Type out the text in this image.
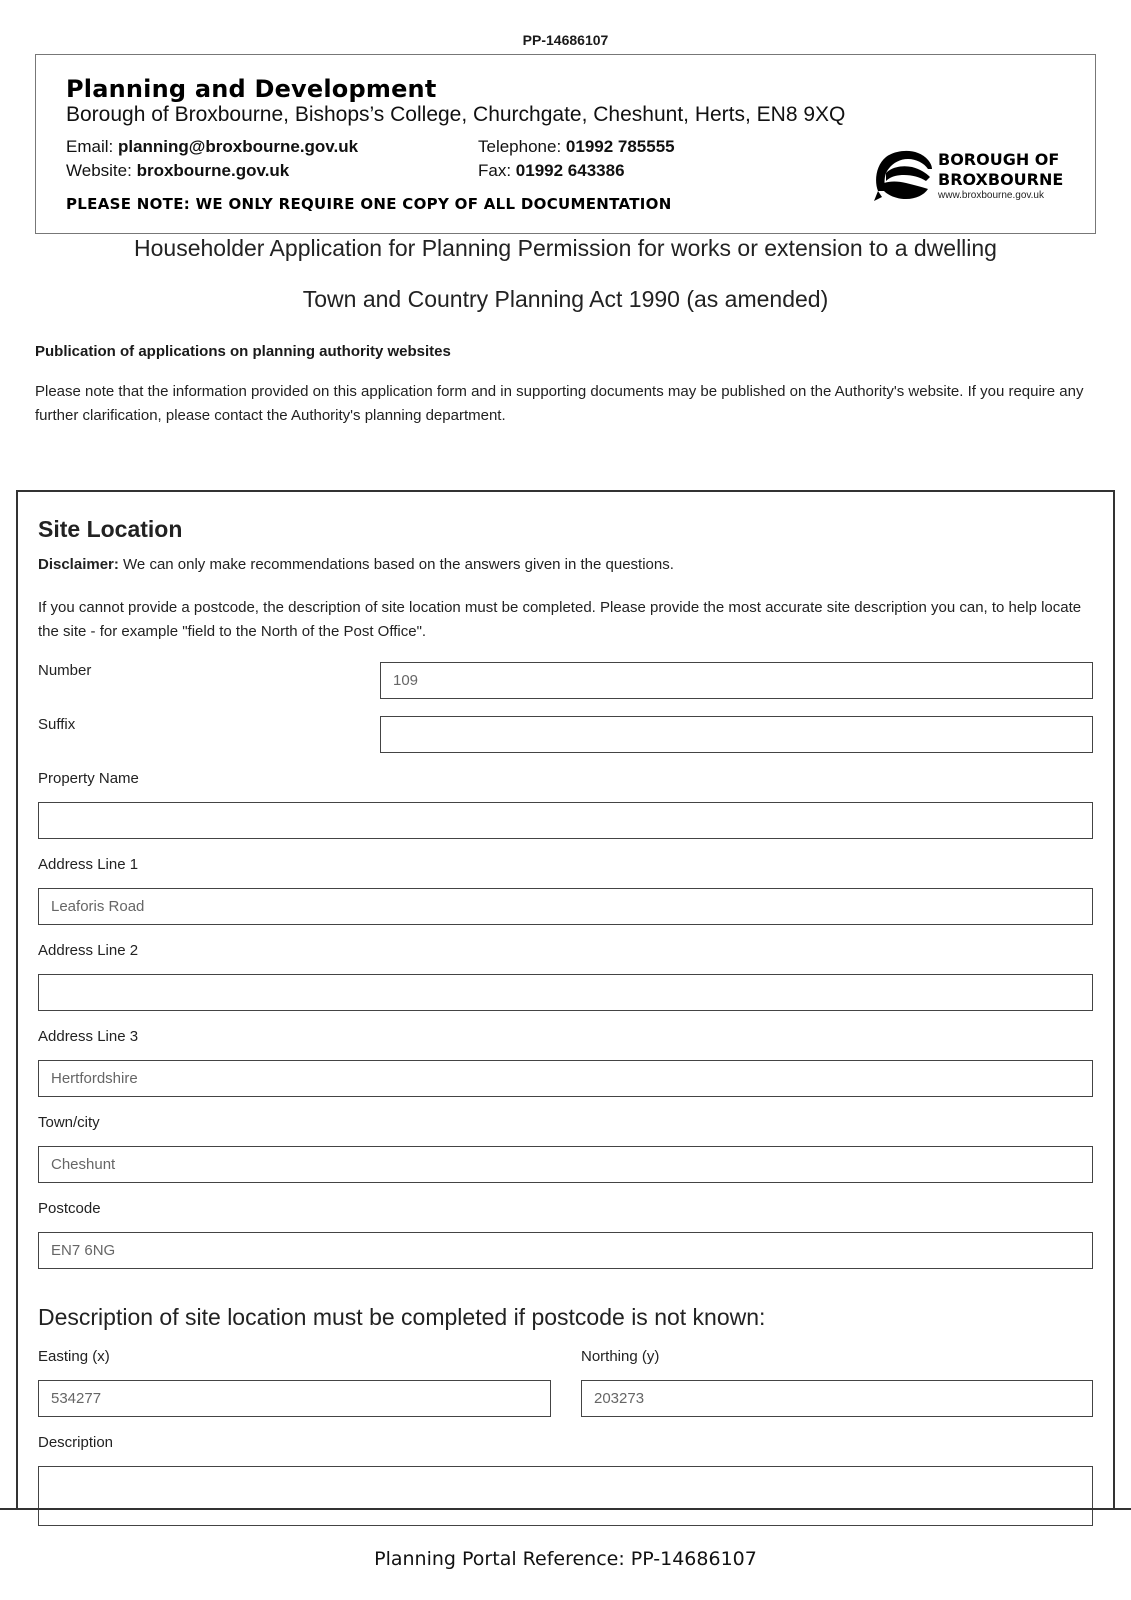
PP-14686107
Planning and Development
Borough of Broxbourne, Bishops’s College, Churchgate, Cheshunt, Herts, EN8 9XQ
Email: planning@broxbourne.gov.uk
Website: broxbourne.gov.uk
Telephone: 01992 785555
Fax: 01992 643386
PLEASE NOTE: WE ONLY REQUIRE ONE COPY OF ALL DOCUMENTATION
BOROUGH OF
BROXBOURNE
www.broxbourne.gov.uk
Householder Application for Planning Permission for works or extension to a dwelling
Town and Country Planning Act 1990 (as amended)
Publication of applications on planning authority websites
Please note that the information provided on this application form and in supporting documents may be published on the Authority's website. If you require any further clarification, please contact the Authority's planning department.
Site Location
Disclaimer: We can only make recommendations based on the answers given in the questions.
If you cannot provide a postcode, the description of site location must be completed. Please provide the most accurate site description you can, to help locate the site - for example "field to the North of the Post Office".
Number
109
Suffix
Property Name
Address Line 1
Leaforis Road
Address Line 2
Address Line 3
Hertfordshire
Town/city
Cheshunt
Postcode
EN7 6NG
Description of site location must be completed if postcode is not known:
Easting (x)
534277
Northing (y)
203273
Description
Planning Portal Reference: PP-14686107
